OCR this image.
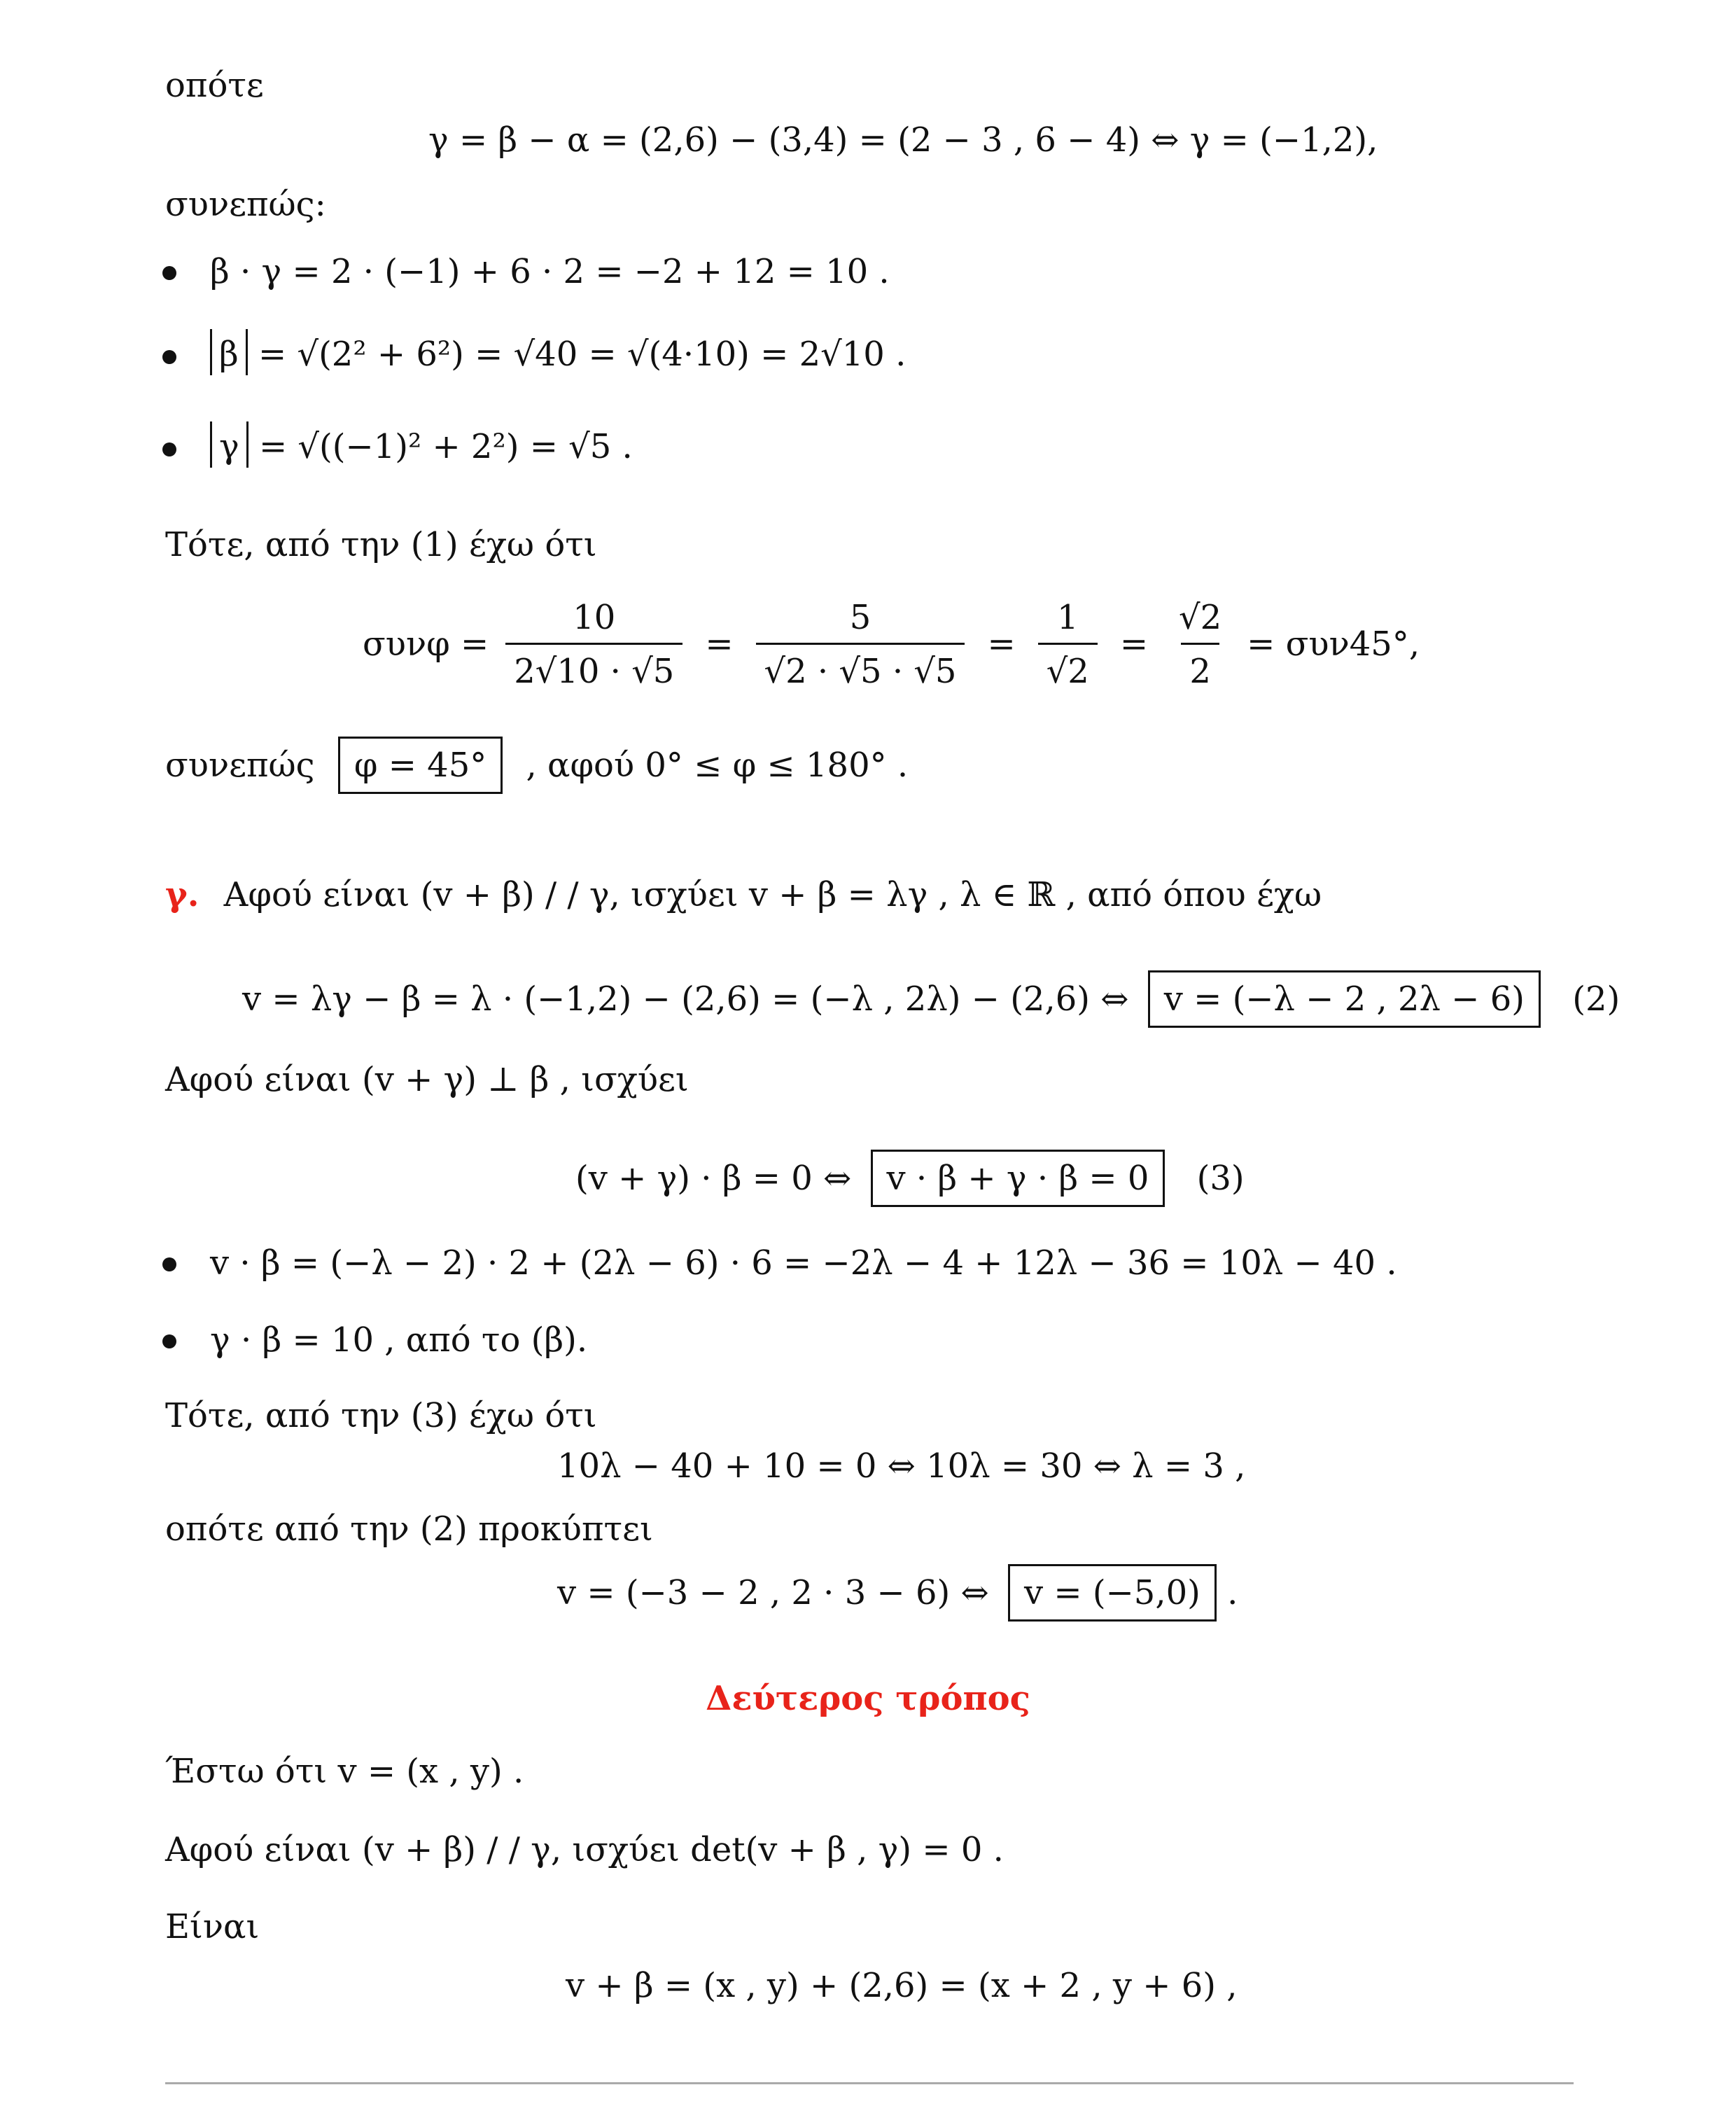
οπότε
γ = β − α = (2,6) − (3,4) = (2 − 3 , 6 − 4) ⇔ γ = (−1,2),
συνεπώς:
β · γ = 2 · (−1) + 6 · 2 = −2 + 12 = 10 .
β = √(2² + 6²) = √40 = √(4·10) = 2√10 .
γ = √((−1)² + 2²) = √5 .
Τότε, από την (1) έχω ότι
$\sigma\upsilon\nu\varphi = \frac{10}{2√10 \cdot √5} = \frac{5}{√2 \cdot √5 \cdot √5} = \frac{1}{√2} = \frac{√2}{2} = \sigma\upsilon\nu 45^\circ$,
συνεπώς φ = 45° , αφού 0° ≤ φ ≤ 180° .
γ. Αφού είναι (v + β) / / γ, ισχύει v + β = λγ , λ ∈ ℝ , από όπου έχω
v = λγ − β = λ · (−1,2) − (2,6) = (−λ , 2λ) − (2,6) ⇔ v = (−λ − 2 , 2λ − 6) (2)
Αφού είναι (v + γ) ⊥ β , ισχύει
(v + γ) · β = 0 ⇔ v · β + γ · β = 0 (3)
v · β = (−λ − 2) · 2 + (2λ − 6) · 6 = −2λ − 4 + 12λ − 36 = 10λ − 40 .
γ · β = 10 , από το (β).
Τότε, από την (3) έχω ότι
10λ − 40 + 10 = 0 ⇔ 10λ = 30 ⇔ λ = 3 ,
οπότε από την (2) προκύπτει
v = (−3 − 2 , 2 · 3 − 6) ⇔ v = (−5,0) .
Δεύτερος τρόπος
Έστω ότι v = (x , y) .
Αφού είναι (v + β) / / γ, ισχύει det(v + β , γ) = 0 .
Είναι
v + β = (x , y) + (2,6) = (x + 2 , y + 6) ,
